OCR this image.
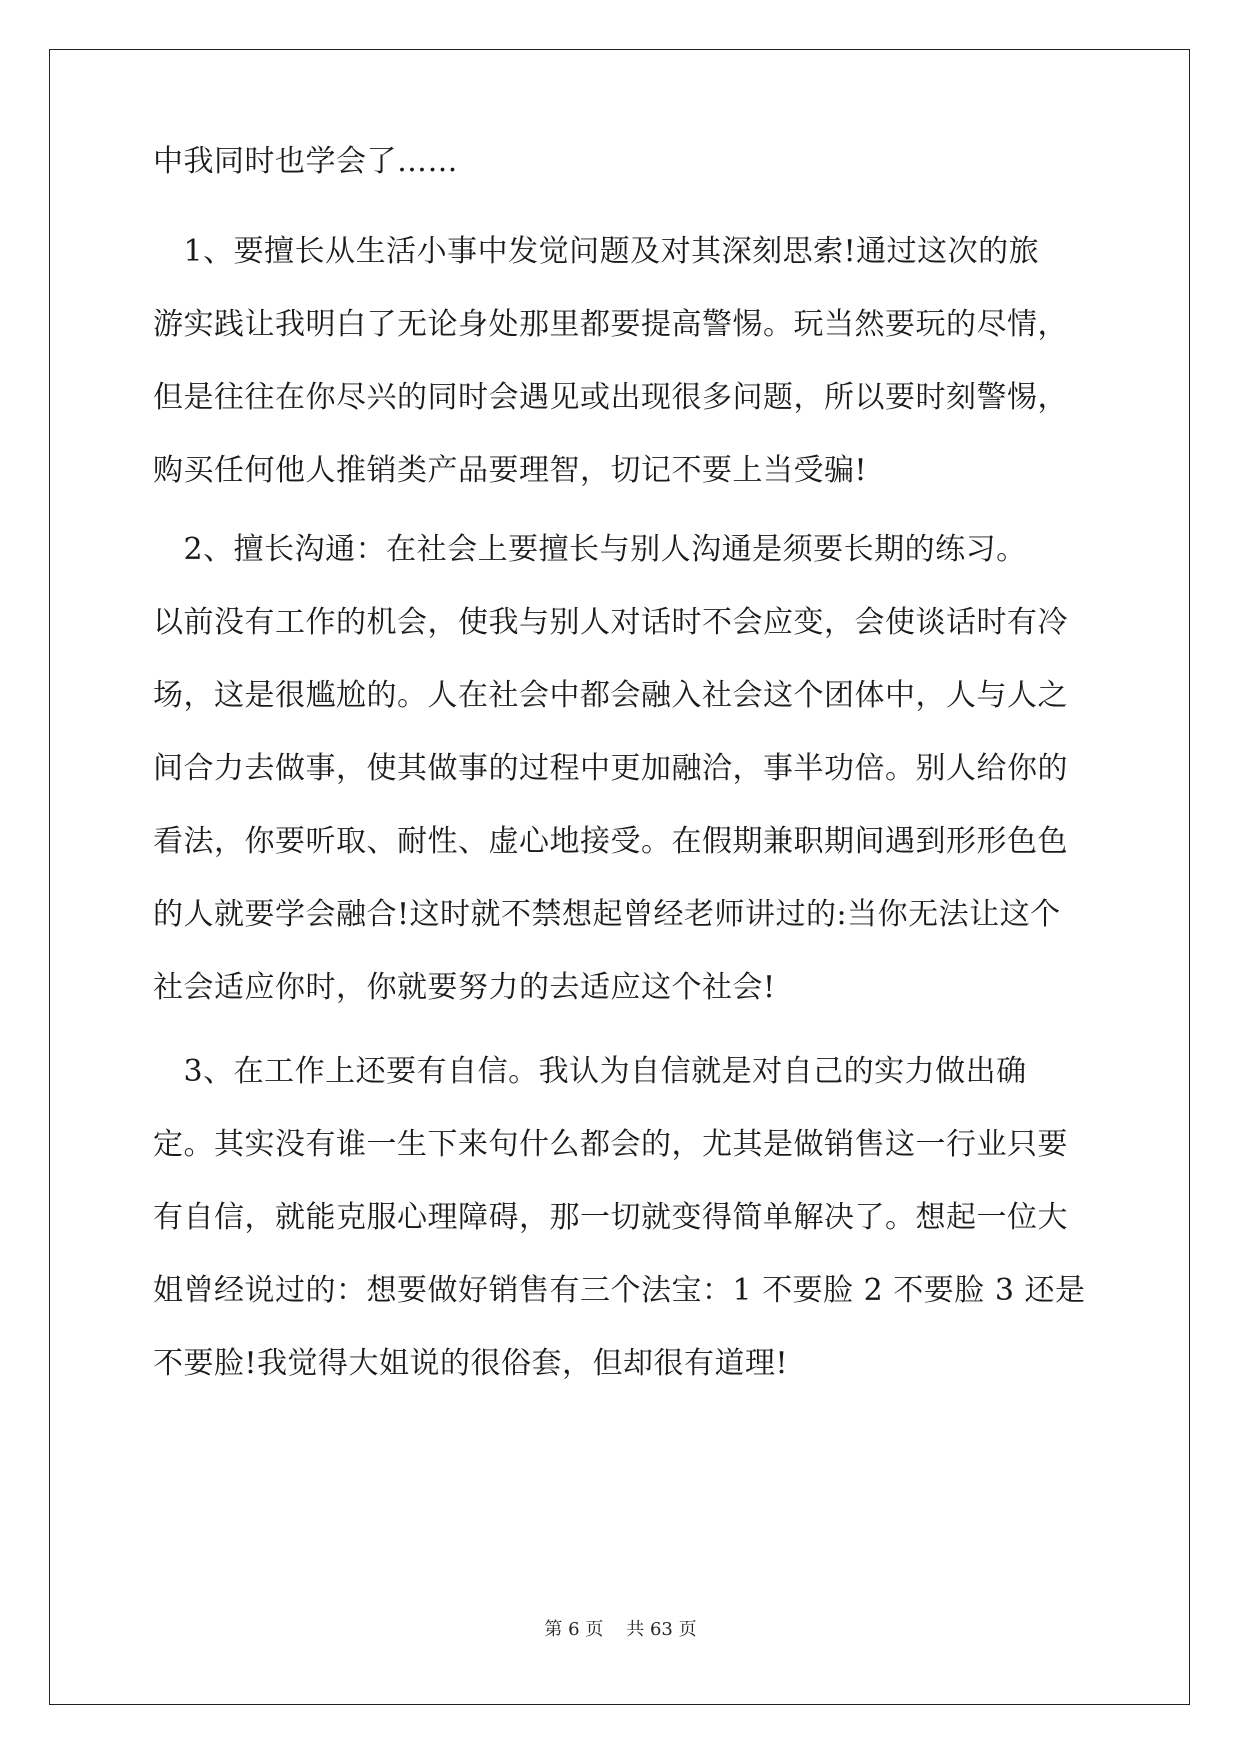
中我同时也学会了……
　1、要擅长从生活小事中发觉问题及对其深刻思索!通过这次的旅
游实践让我明白了无论身处那里都要提高警惕。玩当然要玩的尽情，
但是往往在你尽兴的同时会遇见或出现很多问题，所以要时刻警惕，
购买任何他人推销类产品要理智，切记不要上当受骗!
　2、擅长沟通：在社会上要擅长与别人沟通是须要长期的练习。
以前没有工作的机会，使我与别人对话时不会应变，会使谈话时有冷
场，这是很尴尬的。人在社会中都会融入社会这个团体中，人与人之
间合力去做事，使其做事的过程中更加融洽，事半功倍。别人给你的
看法，你要听取、耐性、虚心地接受。在假期兼职期间遇到形形色色
的人就要学会融合!这时就不禁想起曾经老师讲过的:当你无法让这个
社会适应你时，你就要努力的去适应这个社会!
　3、在工作上还要有自信。我认为自信就是对自己的实力做出确
定。其实没有谁一生下来句什么都会的，尤其是做销售这一行业只要
有自信，就能克服心理障碍，那一切就变得简单解决了。想起一位大
姐曾经说过的：想要做好销售有三个法宝：1 不要脸 2 不要脸 3 还是
不要脸!我觉得大姐说的很俗套，但却很有道理!
第 6 页 共 63 页
